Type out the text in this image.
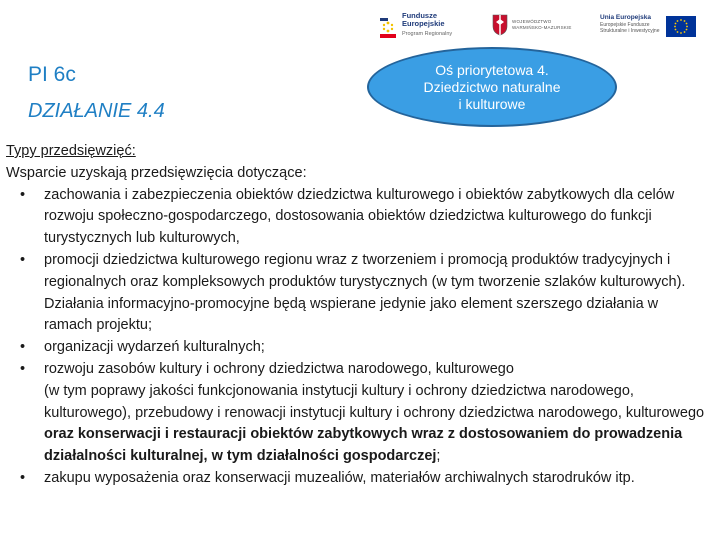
Fundusze
Europejskie
Program Regionalny
WOJEWÓDZTWO
WARMIŃSKO-MAZURSKIE
Unia Europejska
Europejskie Fundusze
Strukturalne i Inwestycyjne
PI 6c
DZIAŁANIE 4.4
Oś priorytetowa 4.
Dziedzictwo naturalne
i kulturowe
Typy przedsięwzięć:
Wsparcie uzyskają przedsięwzięcia dotyczące:
• zachowania i zabezpieczenia obiektów dziedzictwa kulturowego i obiektów zabytkowych dla celów rozwoju społeczno-gospodarczego, dostosowania obiektów dziedzictwa kulturowego do funkcji turystycznych lub kulturowych,
• promocji dziedzictwa kulturowego regionu wraz z tworzeniem i promocją produktów tradycyjnych i regionalnych oraz kompleksowych produktów turystycznych (w tym tworzenie szlaków kulturowych). Działania informacyjno-promocyjne będą wspierane jedynie jako element szerszego działania w ramach projektu;
• organizacji wydarzeń kulturalnych;
• rozwoju zasobów kultury i ochrony dziedzictwa narodowego, kulturowego
(w tym poprawy jakości funkcjonowania instytucji kultury i ochrony dziedzictwa narodowego, kulturowego), przebudowy i renowacji instytucji kultury i ochrony dziedzictwa narodowego, kulturowego oraz konserwacji i restauracji obiektów zabytkowych wraz z dostosowaniem do prowadzenia działalności kulturalnej, w tym działalności gospodarczej;
• zakupu wyposażenia oraz konserwacji muzealiów, materiałów archiwalnych starodruków itp.
